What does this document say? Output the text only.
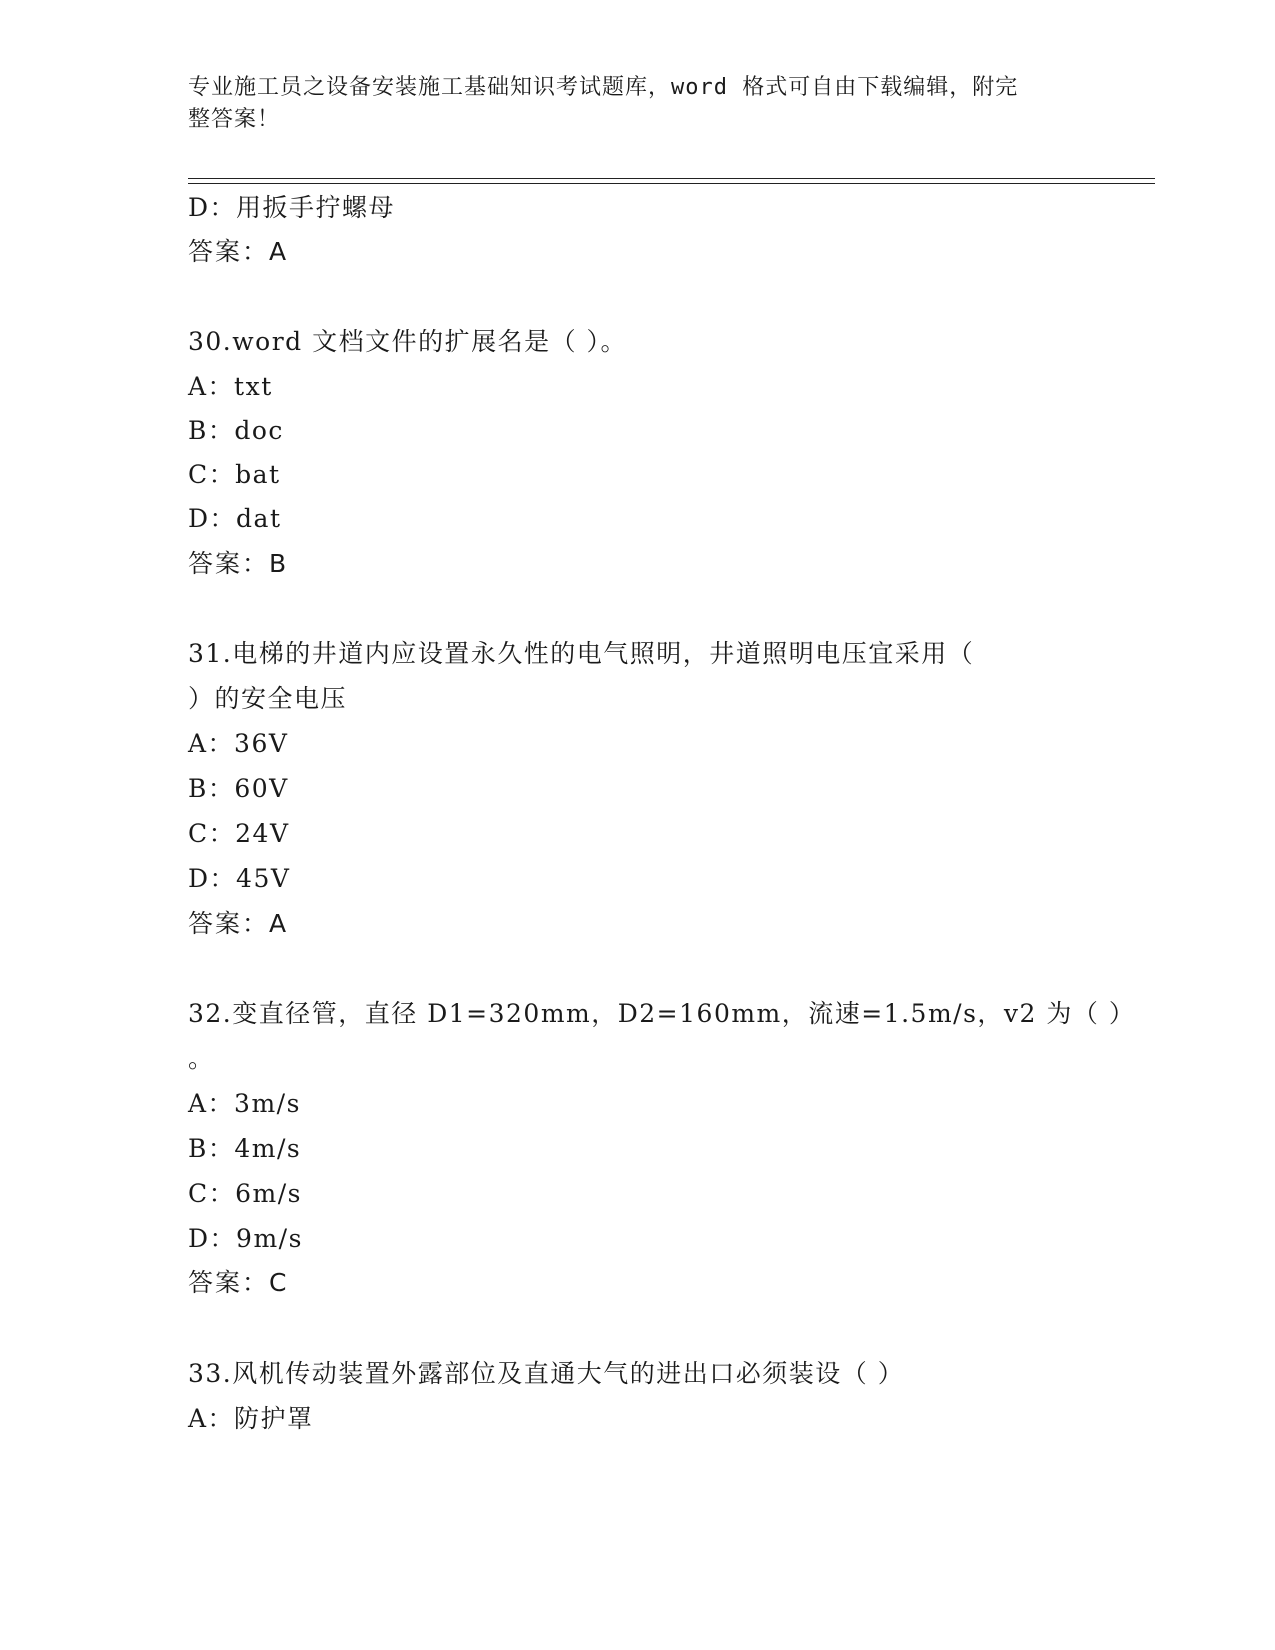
专业施工员之设备安装施工基础知识考试题库，word 格式可自由下载编辑，附完
整答案！
D：用扳手拧螺母
答案：A
30.word 文档文件的扩展名是（ ）。
A：txt
B：doc
C：bat
D：dat
答案：B
31.电梯的井道内应设置永久性的电气照明，井道照明电压宜采用（
）的安全电压
A：36V
B：60V
C：24V
D：45V
答案：A
32.变直径管，直径 D1=320mm，D2=160mm，流速=1.5m/s，v2 为（ ）
。
A：3m/s
B：4m/s
C：6m/s
D：9m/s
答案：C
33.风机传动装置外露部位及直通大气的进出口必须装设（ ）
A：防护罩
